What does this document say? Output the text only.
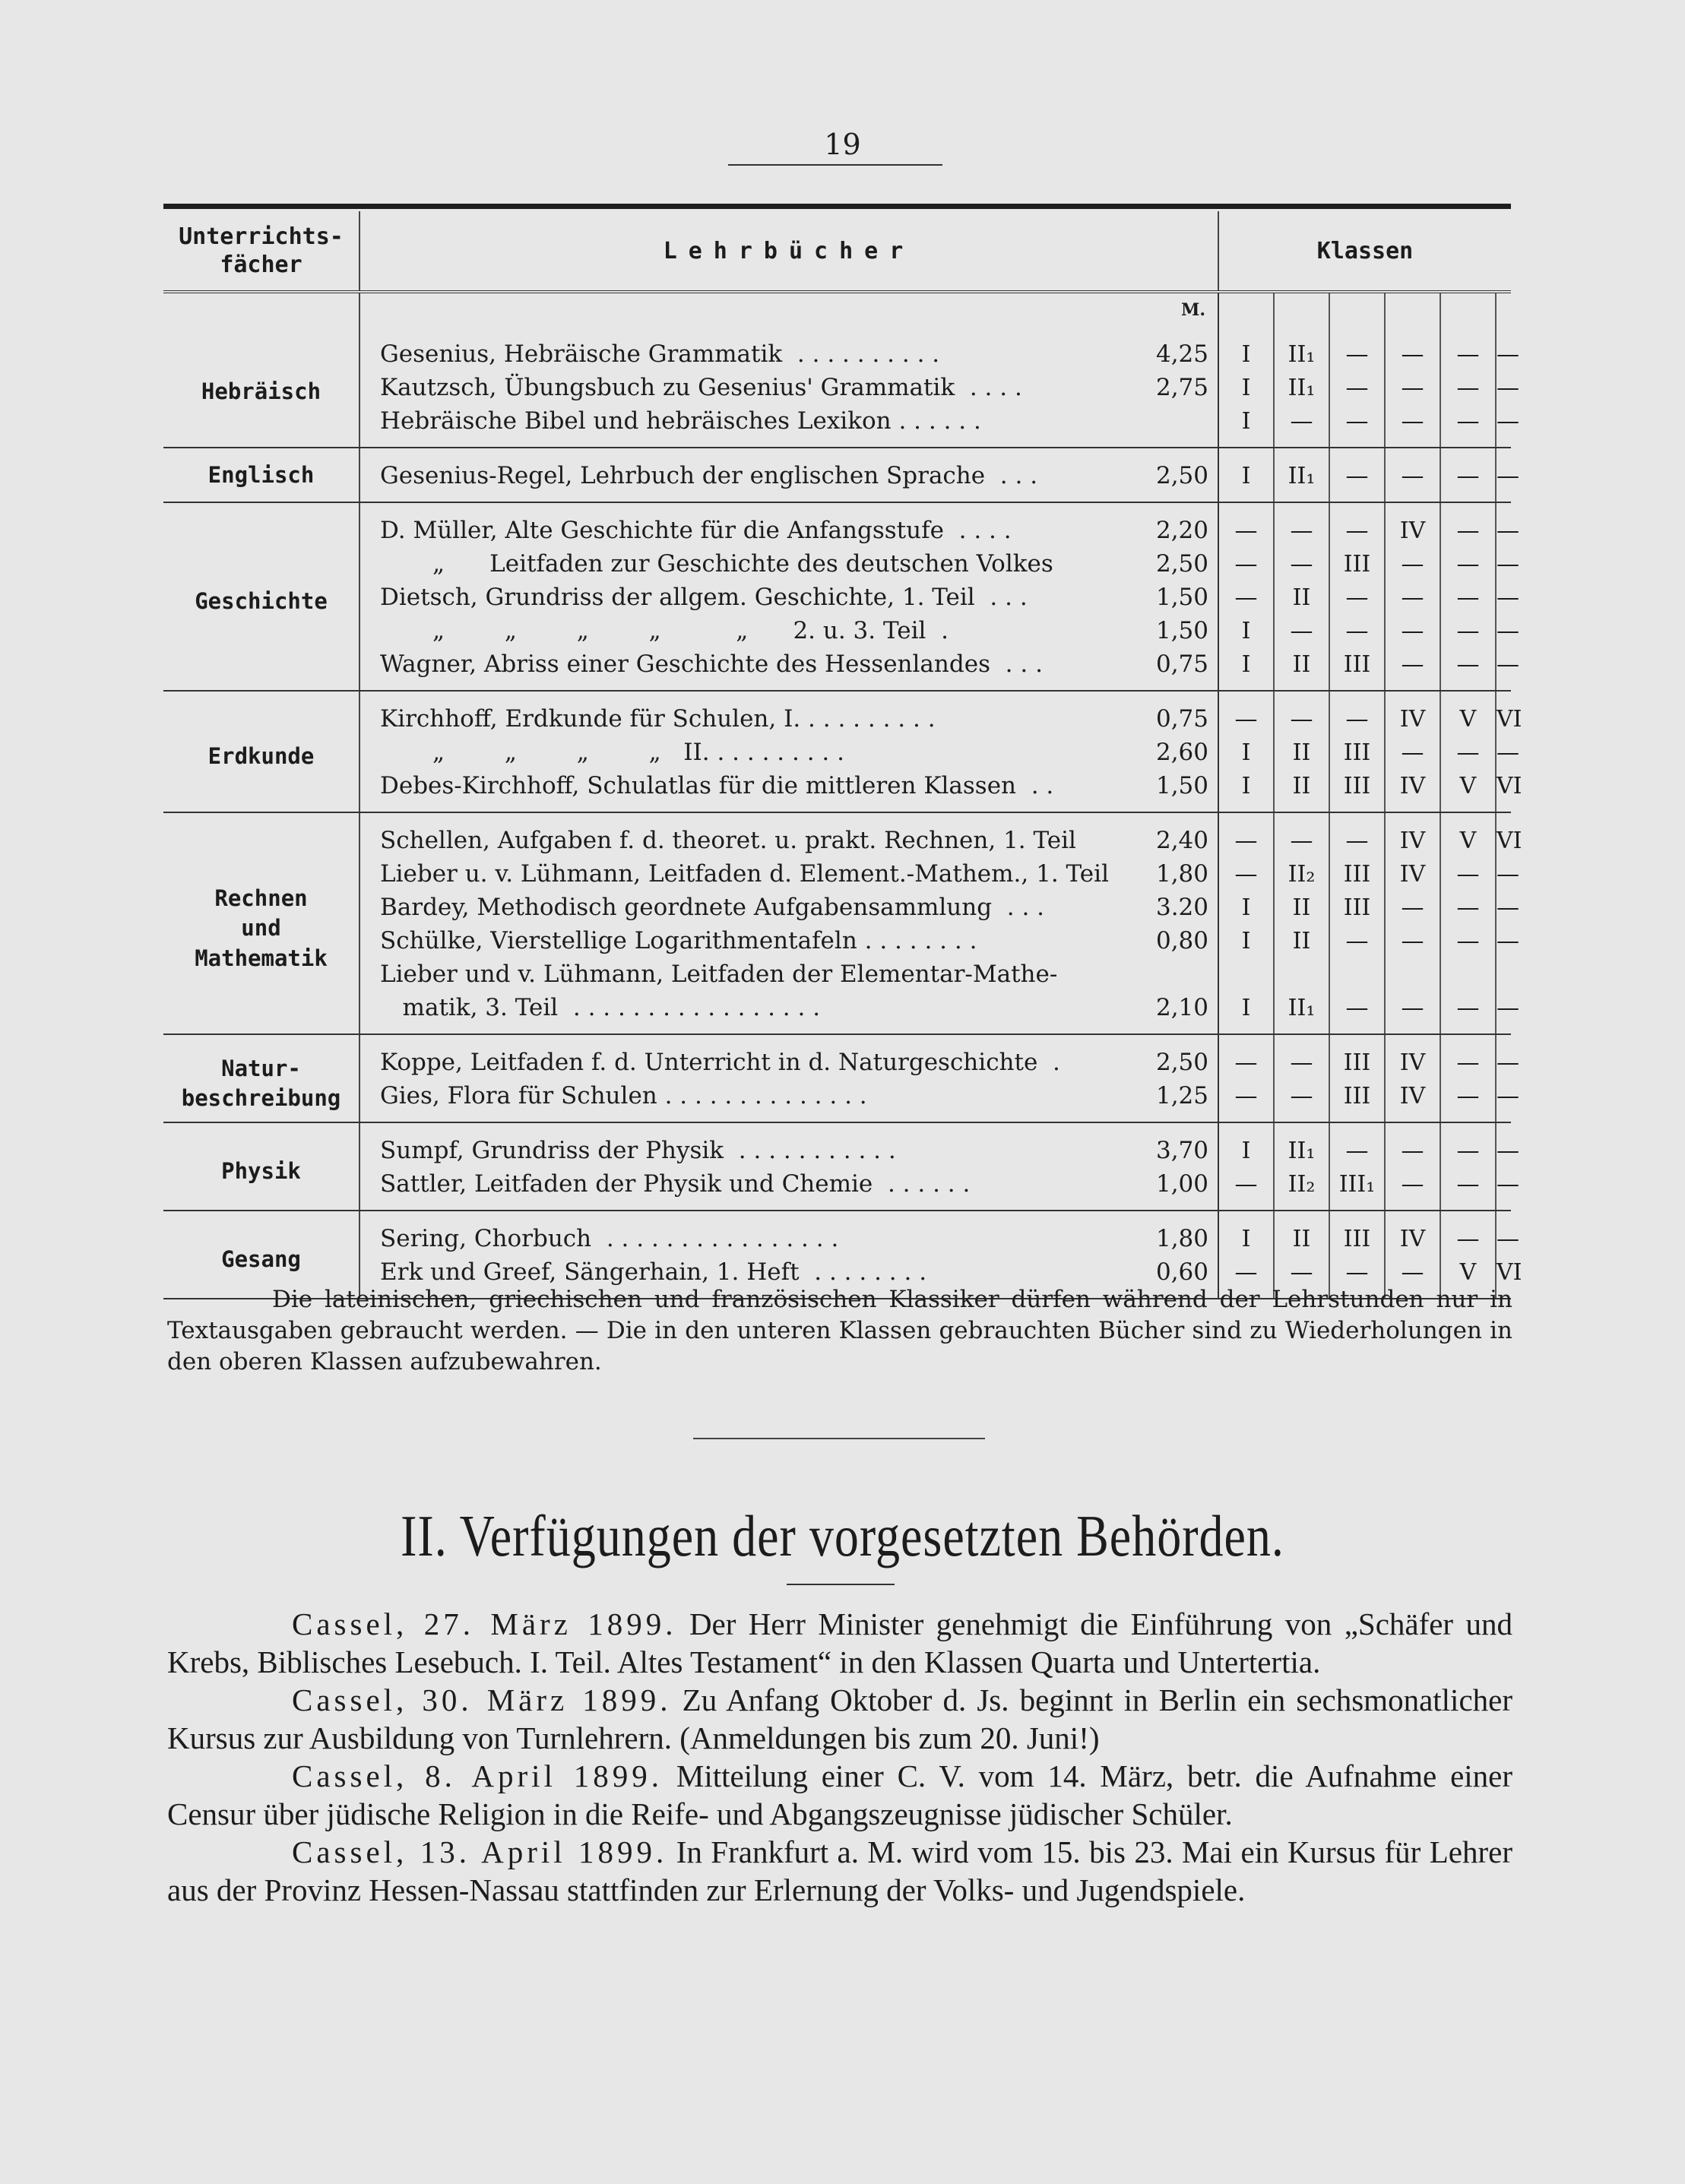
19
Unterrichts-
fächer	Lehrbücher		Klassen						
		M.							
Hebräisch	Gesenius, Hebräische Grammatik  . . . . . . . . . .	4,25	I	II₁	—	—	—	—	
	Kautzsch, Übungsbuch zu Gesenius' Grammatik  . . . .	2,75	I	II₁	—	—	—	—	
	Hebräische Bibel und hebräisches Lexikon . . . . . .		I	—	—	—	—	—	
Englisch	Gesenius-Regel, Lehrbuch der englischen Sprache  . . .	2,50	I	II₁	—	—	—	—	
Geschichte	D. Müller, Alte Geschichte für die Anfangsstufe  . . . .	2,20	—	—	—	IV	—	—	
	„      Leitfaden zur Geschichte des deutschen Volkes	2,50	—	—	III	—	—	—	
	Dietsch, Grundriss der allgem. Geschichte, 1. Teil  . . .	1,50	—	II	—	—	—	—	
	„        „        „        „          „      2. u. 3. Teil  .	1,50	I	—	—	—	—	—	
	Wagner, Abriss einer Geschichte des Hessenlandes  . . .	0,75	I	II	III	—	—	—	
Erdkunde	Kirchhoff, Erdkunde für Schulen, I. . . . . . . . . .	0,75	—	—	—	IV	V	VI	
	„        „        „        „   II. . . . . . . . . .	2,60	I	II	III	—	—	—	
	Debes-Kirchhoff, Schulatlas für die mittleren Klassen  . .	1,50	I	II	III	IV	V	VI	
Rechnen
und
Mathematik	Schellen, Aufgaben f. d. theoret. u. prakt. Rechnen, 1. Teil	2,40	—	—	—	IV	V	VI	
	Lieber u. v. Lühmann, Leitfaden d. Element.-Mathem., 1. Teil	1,80	—	II₂	III	IV	—	—	
	Bardey, Methodisch geordnete Aufgabensammlung  . . .	3.20	I	II	III	—	—	—	
	Schülke, Vierstellige Logarithmentafeln . . . . . . . .	0,80	I	II	—	—	—	—	
	Lieber und v. Lühmann, Leitfaden der Elementar-Mathe-								
	matik, 3. Teil  . . . . . . . . . . . . . . . . .	2,10	I	II₁	—	—	—	—	
Natur-
beschreibung	Koppe, Leitfaden f. d. Unterricht in d. Naturgeschichte  .	2,50	—	—	III	IV	—	—	
	Gies, Flora für Schulen . . . . . . . . . . . . . .	1,25	—	—	III	IV	—	—	
Physik	Sumpf, Grundriss der Physik  . . . . . . . . . . .	3,70	I	II₁	—	—	—	—	
	Sattler, Leitfaden der Physik und Chemie  . . . . . .	1,00	—	II₂	III₁	—	—	—	
Gesang	Sering, Chorbuch  . . . . . . . . . . . . . . . .	1,80	I	II	III	IV	—	—	
	Erk und Greef, Sängerhain, 1. Heft  . . . . . . . .	0,60	—	—	—	—	V	VI	

Die lateinischen, griechischen und französischen Klassiker dürfen während der Lehrstunden nur in Textausgaben gebraucht werden. — Die in den unteren Klassen gebrauchten Bücher sind zu Wiederholungen in den oberen Klassen aufzubewahren.

II. Verfügungen der vorgesetzten Behörden.

Cassel, 27. März 1899. Der Herr Minister genehmigt die Einführung von „Schäfer und Krebs, Biblisches Lesebuch. I. Teil. Altes Testament“ in den Klassen Quarta und Untertertia.

Cassel, 30. März 1899. Zu Anfang Oktober d. Js. beginnt in Berlin ein sechsmonatlicher Kursus zur Ausbildung von Turnlehrern. (Anmeldungen bis zum 20. Juni!)

Cassel, 8. April 1899. Mitteilung einer C. V. vom 14. März, betr. die Aufnahme einer Censur über jüdische Religion in die Reife- und Abgangszeugnisse jüdischer Schüler.

Cassel, 13. April 1899. In Frankfurt a. M. wird vom 15. bis 23. Mai ein Kursus für Lehrer aus der Provinz Hessen-Nassau stattfinden zur Erlernung der Volks- und Jugendspiele.
